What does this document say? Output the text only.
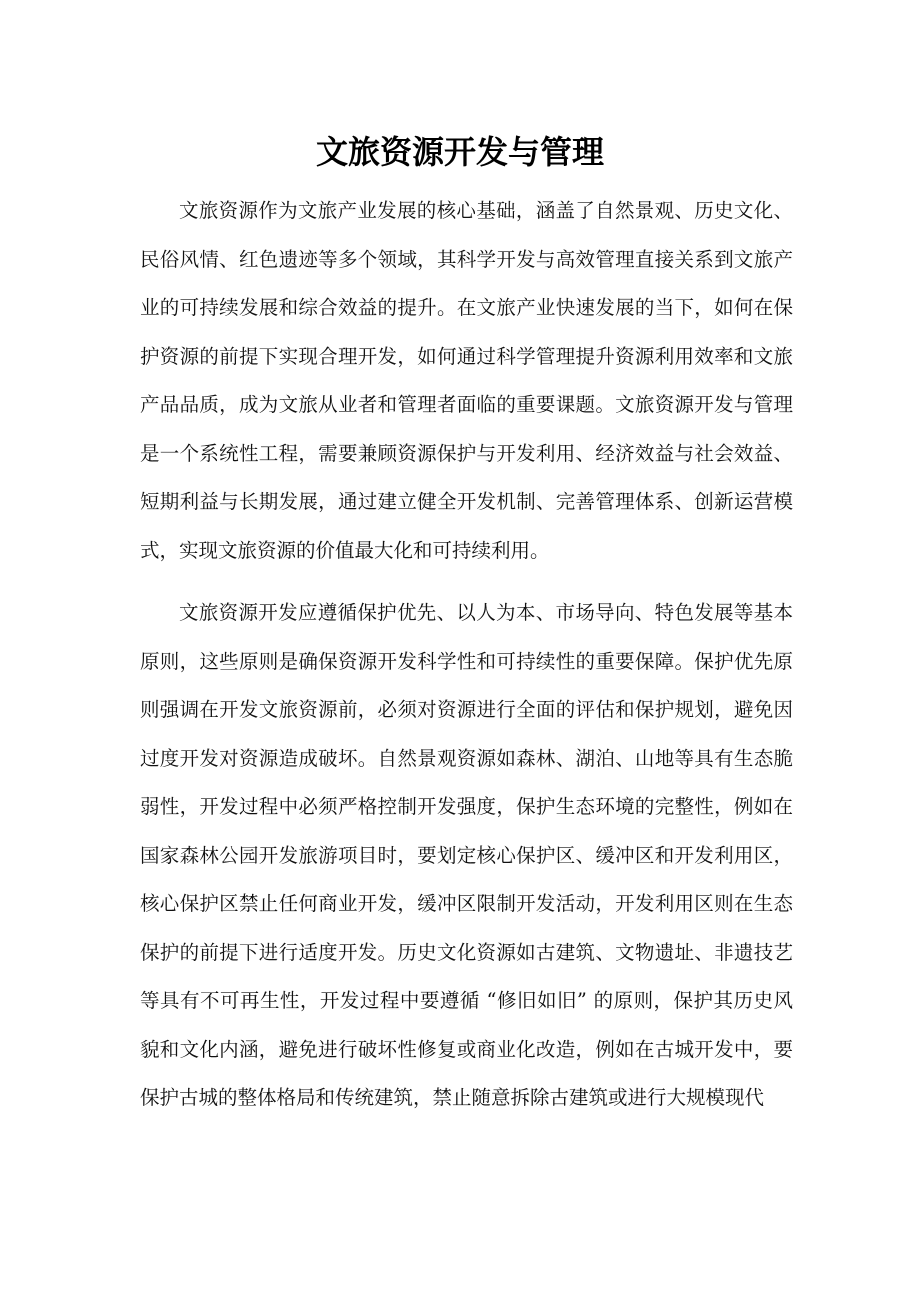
文旅资源开发与管理

文旅资源作为文旅产业发展的核心基础，涵盖了自然景观、历史文化、民俗风情、红色遗迹等多个领域，其科学开发与高效管理直接关系到文旅产业的可持续发展和综合效益的提升。在文旅产业快速发展的当下，如何在保护资源的前提下实现合理开发，如何通过科学管理提升资源利用效率和文旅产品品质，成为文旅从业者和管理者面临的重要课题。文旅资源开发与管理是一个系统性工程，需要兼顾资源保护与开发利用、经济效益与社会效益、短期利益与长期发展，通过建立健全开发机制、完善管理体系、创新运营模式，实现文旅资源的价值最大化和可持续利用。

文旅资源开发应遵循保护优先、以人为本、市场导向、特色发展等基本原则，这些原则是确保资源开发科学性和可持续性的重要保障。保护优先原则强调在开发文旅资源前，必须对资源进行全面的评估和保护规划，避免因过度开发对资源造成破坏。自然景观资源如森林、湖泊、山地等具有生态脆弱性，开发过程中必须严格控制开发强度，保护生态环境的完整性，例如在国家森林公园开发旅游项目时，要划定核心保护区、缓冲区和开发利用区，核心保护区禁止任何商业开发，缓冲区限制开发活动，开发利用区则在生态保护的前提下进行适度开发。历史文化资源如古建筑、文物遗址、非遗技艺等具有不可再生性，开发过程中要遵循 “修旧如旧” 的原则，保护其历史风貌和文化内涵，避免进行破坏性修复或商业化改造，例如在古城开发中，要保护古城的整体格局和传统建筑，禁止随意拆除古建筑或进行大规模现代
